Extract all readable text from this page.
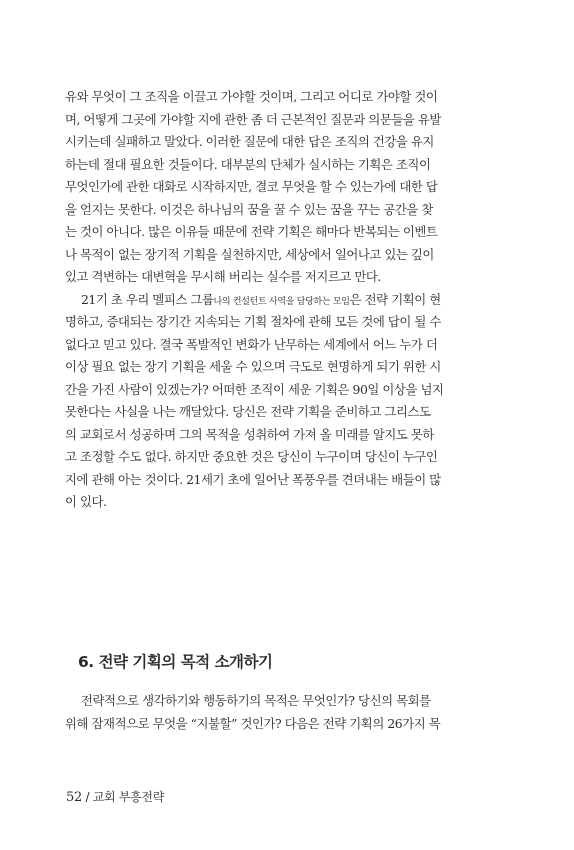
유와 무엇이 그 조직을 이끌고 가야할 것이며, 그리고 어디로 가야할 것이
며, 어떻게 그곳에 가야할 지에 관한 좀 더 근본적인 질문과 의문들을 유발
시키는데 실패하고 말았다. 이러한 질문에 대한 답은 조직의 건강을 유지
하는데 절대 필요한 것들이다. 대부분의 단체가 실시하는 기획은 조직이
무엇인가에 관한 대화로 시작하지만, 결코 무엇을 할 수 있는가에 대한 답
을 얻지는 못한다. 이것은 하나님의 꿈을 꿀 수 있는 꿈을 꾸는 공간을 찾
는 것이 아니다. 많은 이유들 때문에 전략 기획은 해마다 반복되는 이벤트
나 목적이 없는 장기적 기획을 실천하지만, 세상에서 일어나고 있는 깊이
있고 격변하는 대변혁을 무시해 버리는 실수를 저지르고 만다.
21기 초 우리 멜피스 그룹나의 컨설턴트 사역을 담당하는 모임은 전략 기획이 현
명하고, 증대되는 장기간 지속되는 기획 절차에 관해 모든 것에 답이 될 수
없다고 믿고 있다. 결국 폭발적인 변화가 난무하는 세계에서 어느 누가 더
이상 필요 없는 장기 기획을 세울 수 있으며 극도로 현명하게 되기 위한 시
간을 가진 사람이 있겠는가? 어떠한 조직이 세운 기획은 90일 이상을 넘지
못한다는 사실을 나는 깨달았다. 당신은 전략 기획을 준비하고 그리스도
의 교회로서 성공하며 그의 목적을 성취하여 가져 올 미래를 알지도 못하
고 조정할 수도 없다. 하지만 중요한 것은 당신이 누구이며 당신이 누구인
지에 관해 아는 것이다. 21세기 초에 일어난 폭풍우를 견뎌내는 배들이 많
이 있다.
6. 전략 기획의 목적 소개하기
전략적으로 생각하기와 행동하기의 목적은 무엇인가? 당신의 목회를
위해 잠재적으로 무엇을 “지불할” 것인가? 다음은 전략 기획의 26가지 목
52 / 교회 부흥전략
